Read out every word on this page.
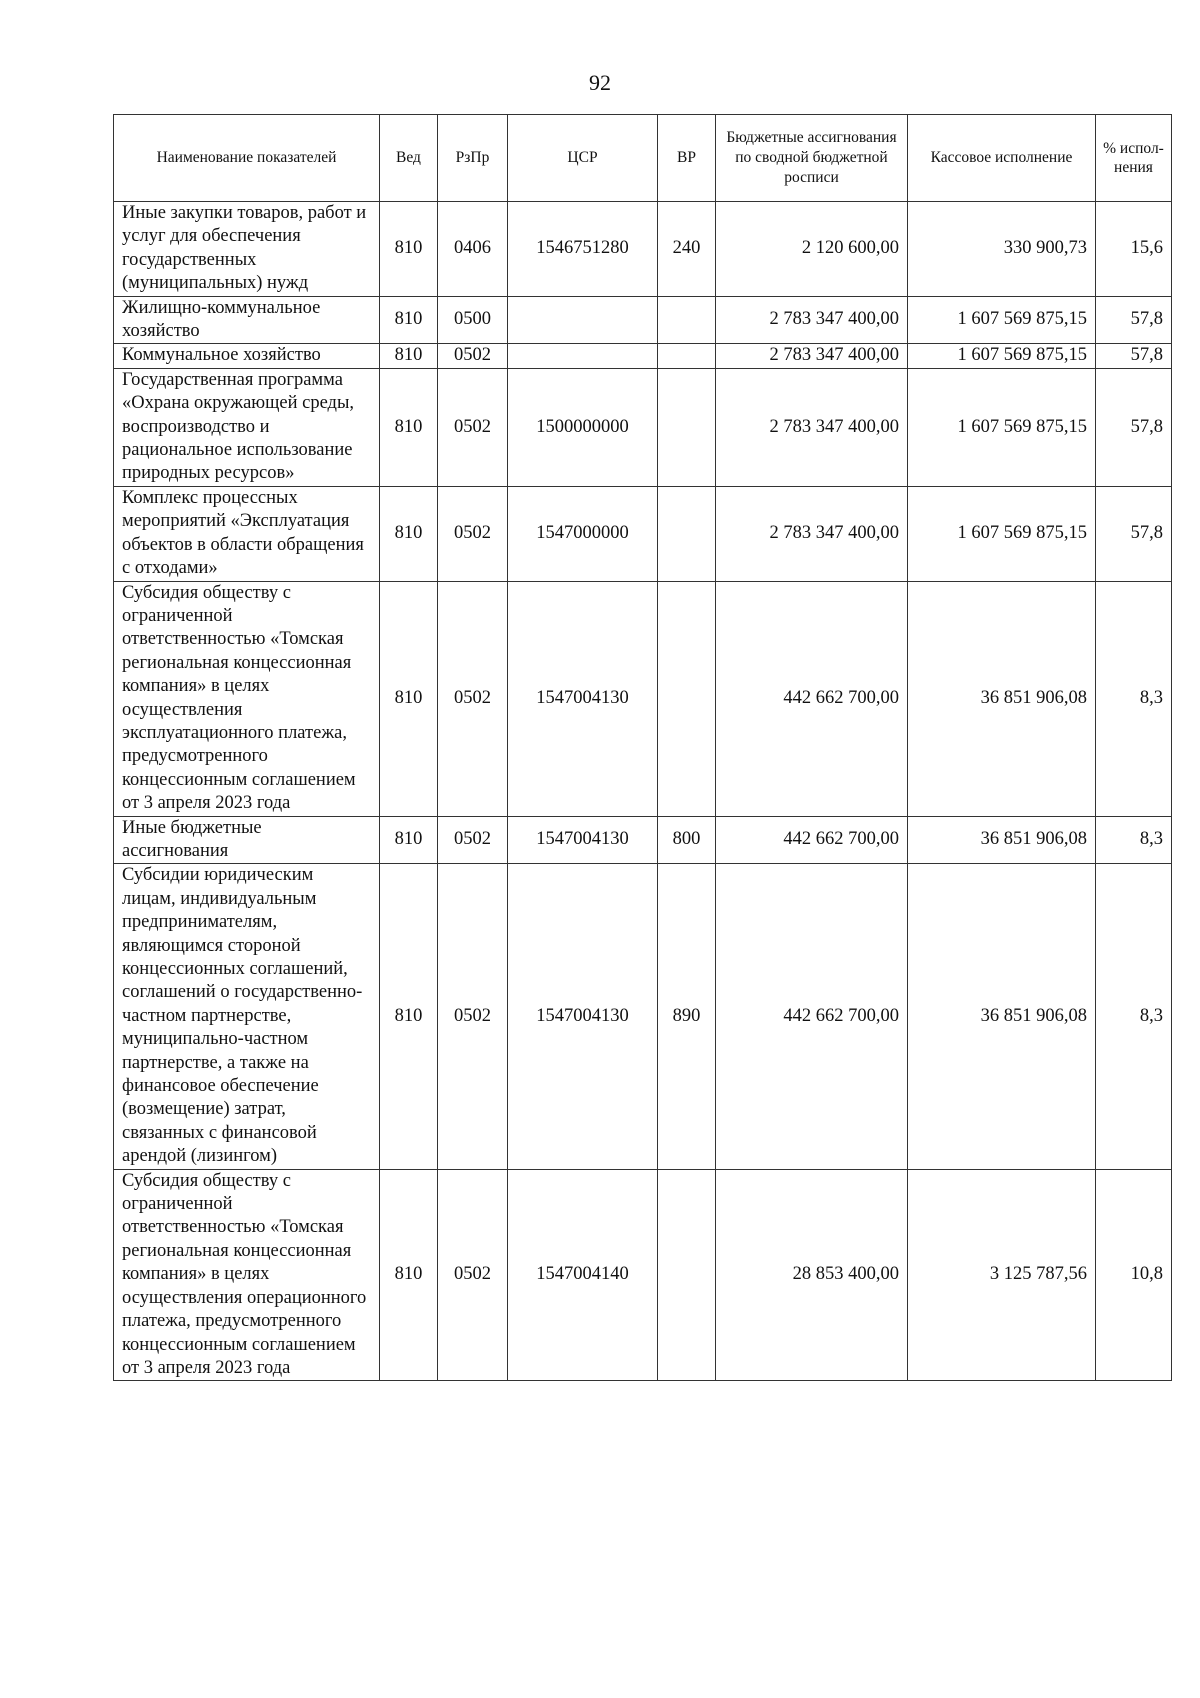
92
Наименование показателей	Вед	РзПр	ЦСР	ВР	Бюджетные ассигнования по сводной бюджетной росписи	Кассовое исполнение	% испол-нения
Иные закупки товаров, работ и услуг для обеспечения государственных (муниципальных) нужд	810	0406	1546751280	240	2 120 600,00	330 900,73	15,6
Жилищно-коммунальное хозяйство	810	0500			2 783 347 400,00	1 607 569 875,15	57,8
Коммунальное хозяйство	810	0502			2 783 347 400,00	1 607 569 875,15	57,8
Государственная программа «Охрана окружающей среды, воспроизводство и рациональное использование природных ресурсов»	810	0502	1500000000		2 783 347 400,00	1 607 569 875,15	57,8
Комплекс процессных мероприятий «Эксплуатация объектов в области обращения с отходами»	810	0502	1547000000		2 783 347 400,00	1 607 569 875,15	57,8
Субсидия обществу с ограниченной ответственностью «Томская региональная концессионная компания» в целях осуществления эксплуатационного платежа, предусмотренного концессионным соглашением от 3 апреля 2023 года	810	0502	1547004130		442 662 700,00	36 851 906,08	8,3
Иные бюджетные ассигнования	810	0502	1547004130	800	442 662 700,00	36 851 906,08	8,3
Субсидии юридическим лицам, индивидуальным предпринимателям, являющимся стороной концессионных соглашений, соглашений о государственно-частном партнерстве, муниципально-частном партнерстве, а также на финансовое обеспечение (возмещение) затрат, связанных с финансовой арендой (лизингом)	810	0502	1547004130	890	442 662 700,00	36 851 906,08	8,3
Субсидия обществу с ограниченной ответственностью «Томская региональная концессионная компания» в целях осуществления операционного платежа, предусмотренного концессионным соглашением от 3 апреля 2023 года	810	0502	1547004140		28 853 400,00	3 125 787,56	10,8
